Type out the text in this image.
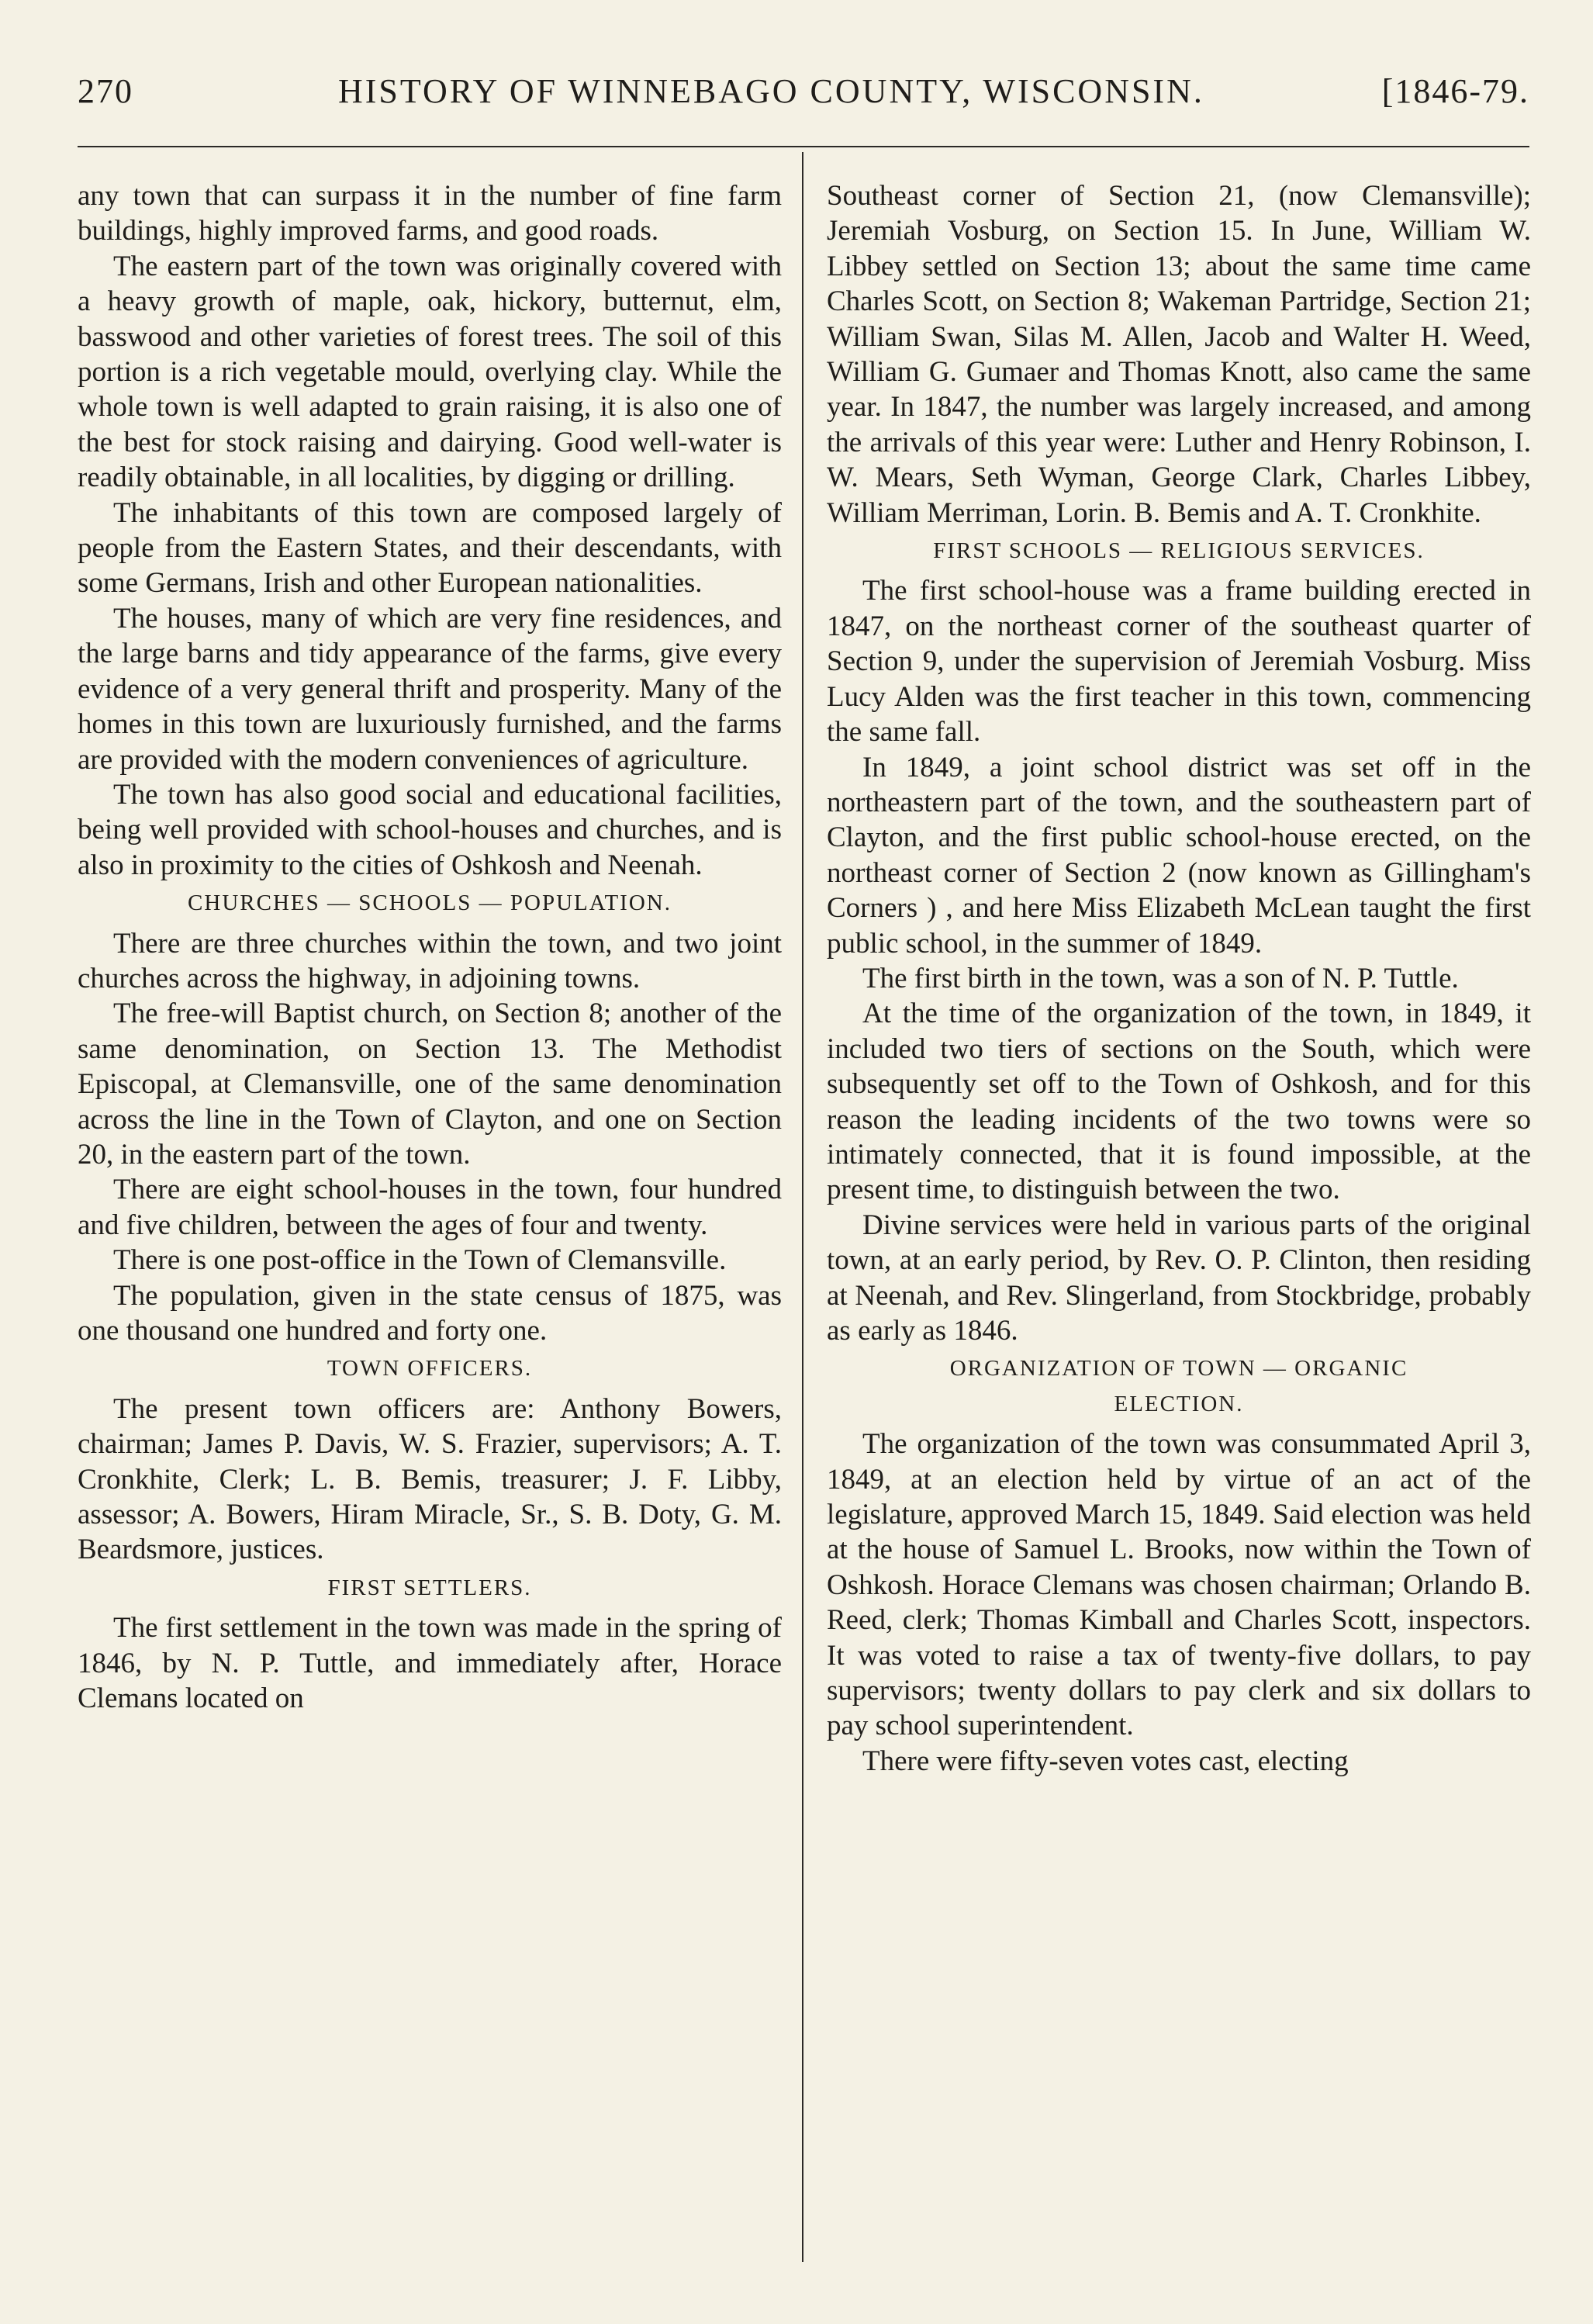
270	HISTORY OF WINNEBAGO COUNTY, WISCONSIN.	[1846-79.

any town that can surpass it in the number of fine farm buildings, highly improved farms, and good roads.

The eastern part of the town was originally covered with a heavy growth of maple, oak, hickory, butternut, elm, basswood and other varieties of forest trees. The soil of this portion is a rich vegetable mould, overlying clay. While the whole town is well adapted to grain raising, it is also one of the best for stock raising and dairying. Good well-water is readily obtainable, in all localities, by digging or drilling.

The inhabitants of this town are composed largely of people from the Eastern States, and their descendants, with some Germans, Irish and other European nationalities.

The houses, many of which are very fine residences, and the large barns and tidy appearance of the farms, give every evidence of a very general thrift and prosperity. Many of the homes in this town are luxuriously furnished, and the farms are provided with the modern conveniences of agriculture.

The town has also good social and educational facilities, being well provided with school-houses and churches, and is also in proximity to the cities of Oshkosh and Neenah.

CHURCHES — SCHOOLS — POPULATION.

There are three churches within the town, and two joint churches across the highway, in adjoining towns.

The free-will Baptist church, on Section 8; another of the same denomination, on Section 13. The Methodist Episcopal, at Clemansville, one of the same denomination across the line in the Town of Clayton, and one on Section 20, in the eastern part of the town.

There are eight school-houses in the town, four hundred and five children, between the ages of four and twenty.

There is one post-office in the Town of Clemansville.

The population, given in the state census of 1875, was one thousand one hundred and forty one.

TOWN OFFICERS.

The present town officers are: Anthony Bowers, chairman; James P. Davis, W. S. Frazier, supervisors; A. T. Cronkhite, Clerk; L. B. Bemis, treasurer; J. F. Libby, assessor; A. Bowers, Hiram Miracle, Sr., S. B. Doty, G. M. Beardsmore, justices.

FIRST SETTLERS.

The first settlement in the town was made in the spring of 1846, by N. P. Tuttle, and immediately after, Horace Clemans located on

Southeast corner of Section 21, (now Clemansville); Jeremiah Vosburg, on Section 15. In June, William W. Libbey settled on Section 13; about the same time came Charles Scott, on Section 8; Wakeman Partridge, Section 21; William Swan, Silas M. Allen, Jacob and Walter H. Weed, William G. Gumaer and Thomas Knott, also came the same year. In 1847, the number was largely increased, and among the arrivals of this year were: Luther and Henry Robinson, I. W. Mears, Seth Wyman, George Clark, Charles Libbey, William Merriman, Lorin. B. Bemis and A. T. Cronkhite.

FIRST SCHOOLS — RELIGIOUS SERVICES.

The first school-house was a frame building erected in 1847, on the northeast corner of the southeast quarter of Section 9, under the supervision of Jeremiah Vosburg. Miss Lucy Alden was the first teacher in this town, commencing the same fall.

In 1849, a joint school district was set off in the northeastern part of the town, and the southeastern part of Clayton, and the first public school-house erected, on the northeast corner of Section 2 (now known as Gillingham's Corners ) , and here Miss Elizabeth McLean taught the first public school, in the summer of 1849.

The first birth in the town, was a son of N. P. Tuttle.

At the time of the organization of the town, in 1849, it included two tiers of sections on the South, which were subsequently set off to the Town of Oshkosh, and for this reason the leading incidents of the two towns were so intimately connected, that it is found impossible, at the present time, to distinguish between the two.

Divine services were held in various parts of the original town, at an early period, by Rev. O. P. Clinton, then residing at Neenah, and Rev. Slingerland, from Stockbridge, probably as early as 1846.

ORGANIZATION OF TOWN — ORGANIC
ELECTION.

The organization of the town was consummated April 3, 1849, at an election held by virtue of an act of the legislature, approved March 15, 1849. Said election was held at the house of Samuel L. Brooks, now within the Town of Oshkosh. Horace Clemans was chosen chairman; Orlando B. Reed, clerk; Thomas Kimball and Charles Scott, inspectors. It was voted to raise a tax of twenty-five dollars, to pay supervisors; twenty dollars to pay clerk and six dollars to pay school superintendent.

There were fifty-seven votes cast, electing
